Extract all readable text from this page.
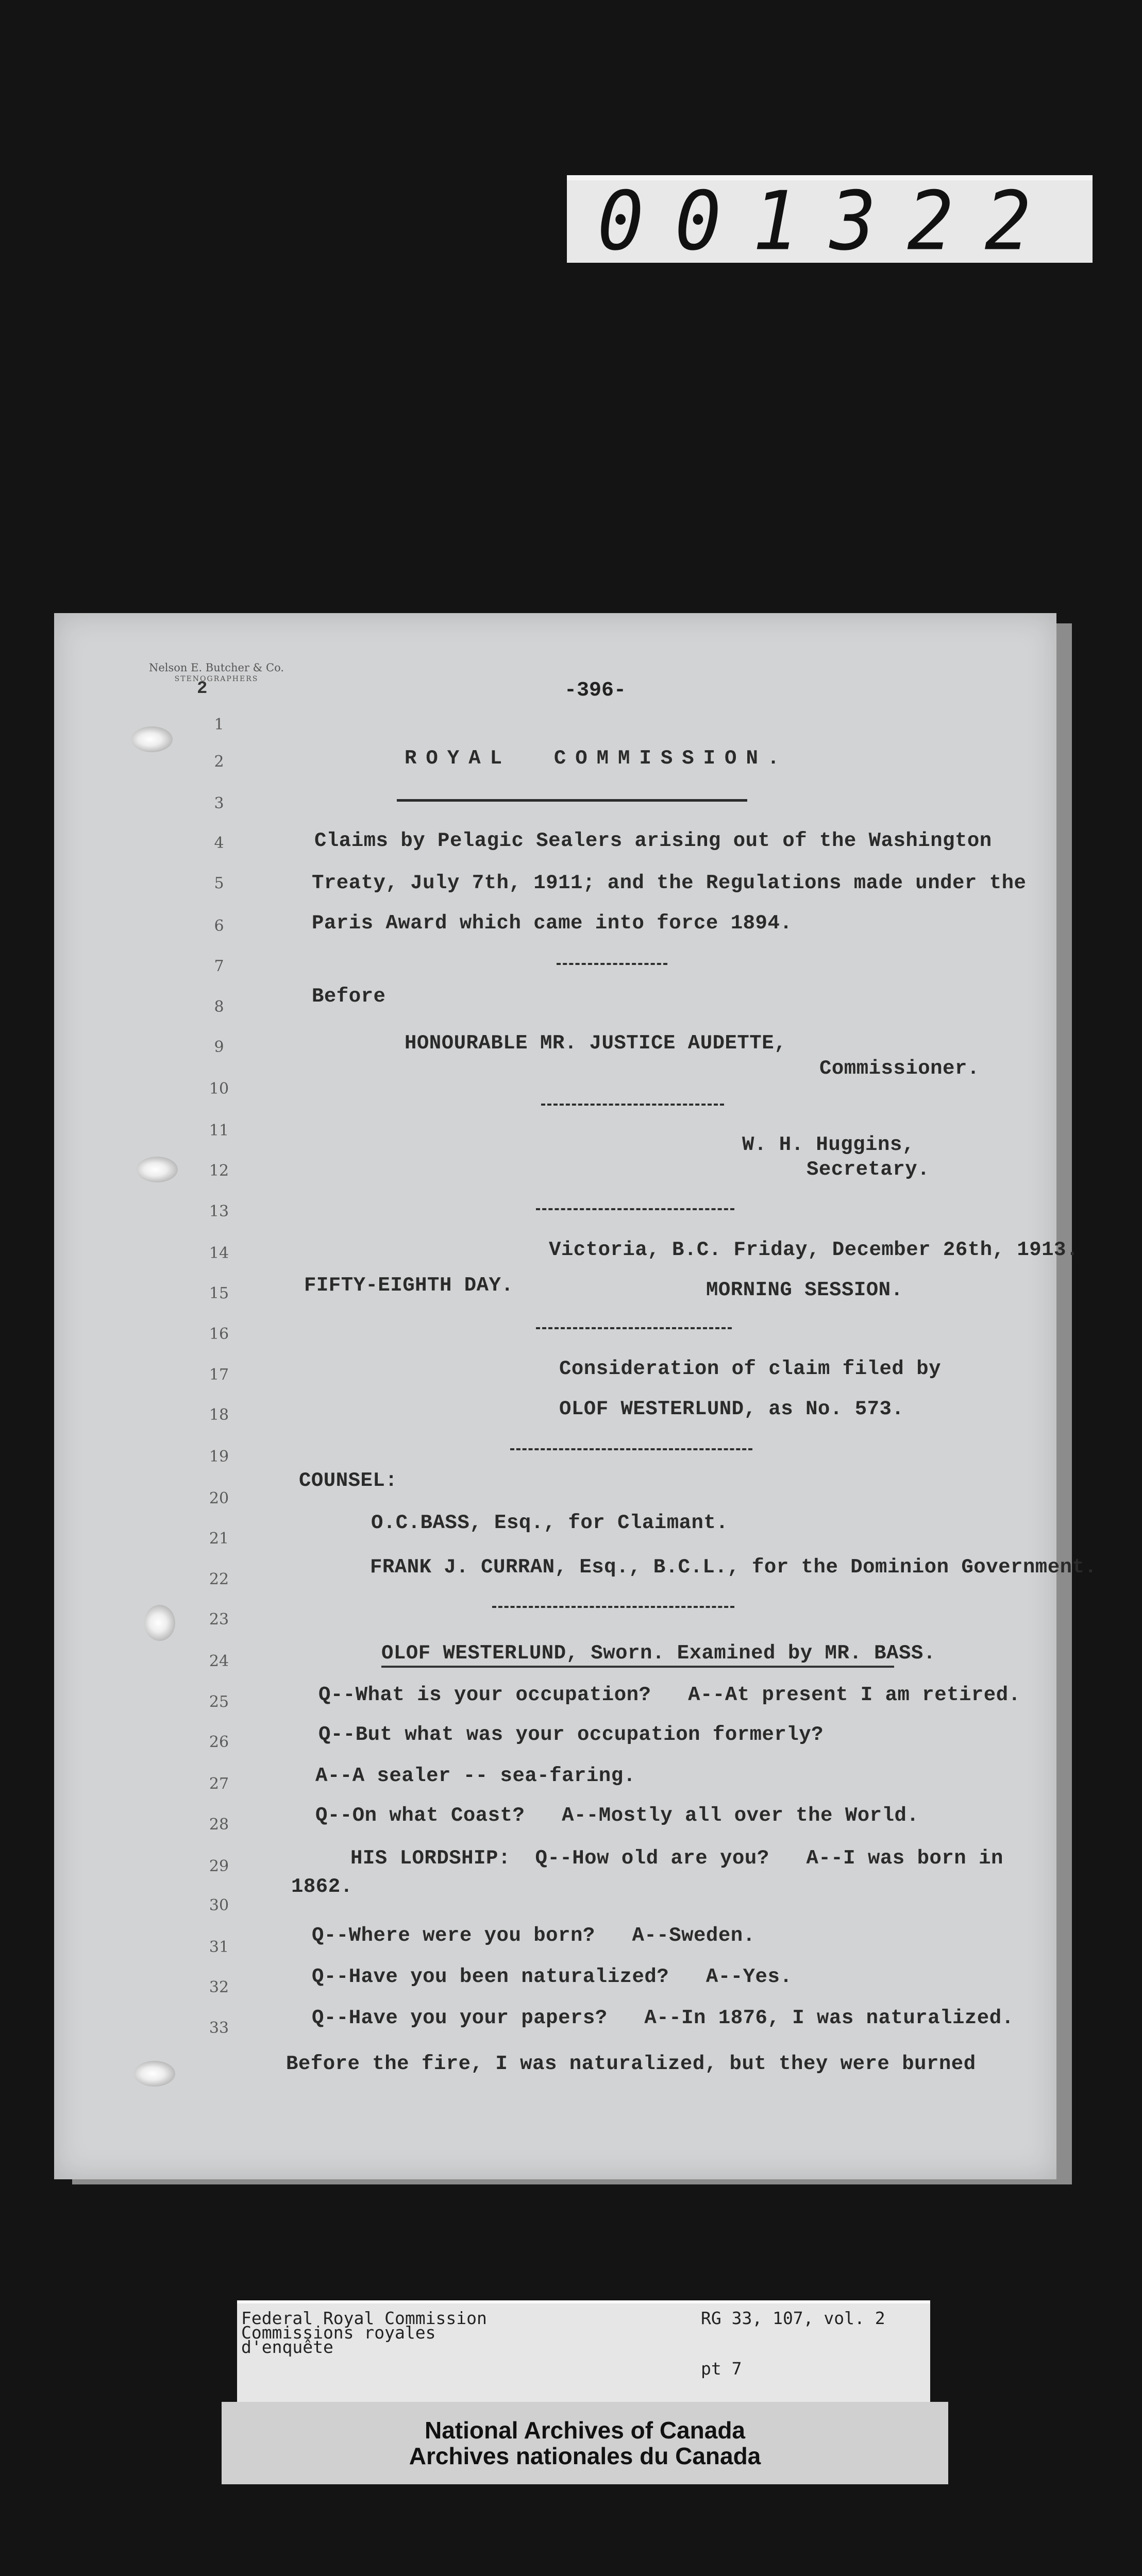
001322
Nelson E. Butcher & Co.
STENOGRAPHERS
2	-396-
1
2
3
4
5
6
7
8
9
10
11
12
13
14
15
16
17
18
19
20
21
22
23
24
25
26
27
28
29
30
31
32
33
ROYAL  COMMISSION.
Claims by Pelagic Sealers arising out of the Washington
Treaty, July 7th, 1911; and the Regulations made under the
Paris Award which came into force 1894.
Before
HONOURABLE MR. JUSTICE AUDETTE,
Commissioner.
W. H. Huggins,
Secretary.
Victoria, B.C. Friday, December 26th, 1913.
FIFTY-EIGHTH DAY.	MORNING SESSION.
Consideration of claim filed by
OLOF WESTERLUND, as No. 573.
COUNSEL:
O.C.BASS, Esq., for Claimant.
FRANK J. CURRAN, Esq., B.C.L., for the Dominion Government.
OLOF WESTERLUND, Sworn. Examined by MR. BASS.
Q--What is your occupation?   A--At present I am retired.
Q--But what was your occupation formerly?
A--A sealer -- sea-faring.
Q--On what Coast?   A--Mostly all over the World.
HIS LORDSHIP:  Q--How old are you?   A--I was born in
1862.
Q--Where were you born?   A--Sweden.
Q--Have you been naturalized?   A--Yes.
Q--Have you your papers?   A--In 1876, I was naturalized.
Before the fire, I was naturalized, but they were burned
Federal Royal Commission
Commissions royales
d'enquête
RG 33, 107, vol. 2
pt 7
National Archives of Canada
Archives nationales du Canada
